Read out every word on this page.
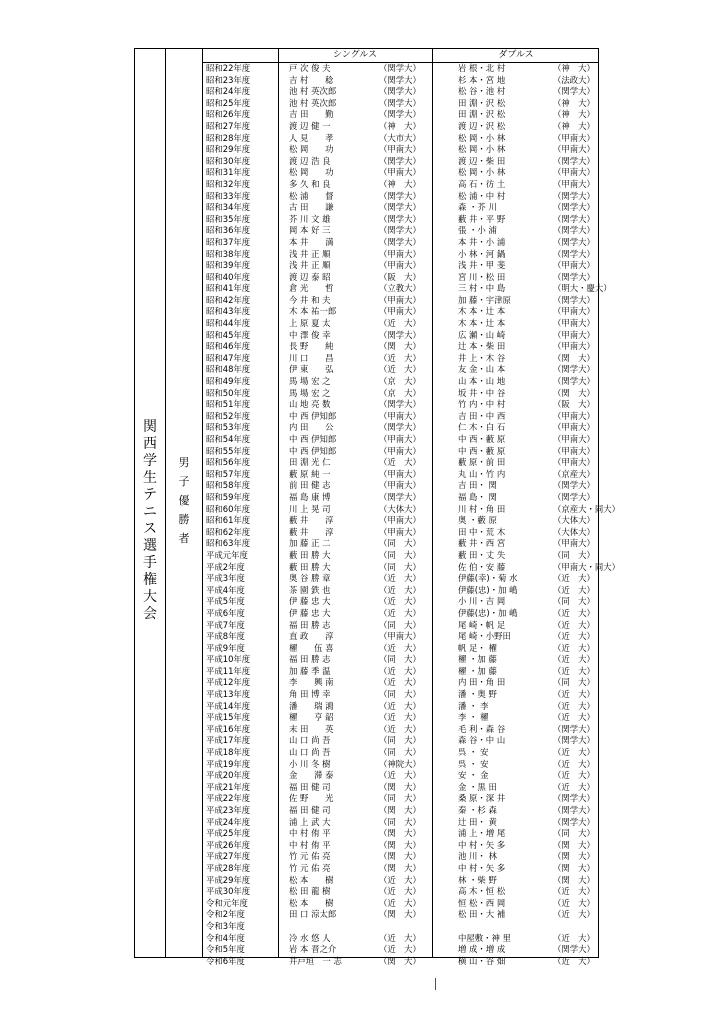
関
西
学
生
テ
ニ
ス
選
手
権
大
会
男
子
優
勝
者
シングルス	ダブルス
昭和22年度	戸 次 俊 夫	（関学大）	岩 根・北 村	（神　大）
昭和23年度	吉 村　　稔	（関学大）	杉 本・宮 地	（法政大）
昭和24年度	池 村 英次郎	（関学大）	松 谷・池 村	（関学大）
昭和25年度	池 村 英次郎	（関学大）	田 淵・沢 松	（神　大）
昭和26年度	吉 田　　勤	（関学大）	田 淵・沢 松	（神　大）
昭和27年度	渡 辺 健 一	（神　大）	渡 辺・沢 松	（神　大）
昭和28年度	人 見　　孝	（大市大）	松 岡・小 林	（甲南大）
昭和29年度	松 岡　　功	（甲南大）	松 岡・小 林	（甲南大）
昭和30年度	渡 辺 浩 良	（関学大）	渡 辺・柴 田	（関学大）
昭和31年度	松 岡　　功	（甲南大）	松 岡・小 林	（甲南大）
昭和32年度	多 久 和 良	（神　大）	高 石・彷 土	（甲南大）
昭和33年度	松 浦　　督	（関学大）	松 浦・中 村	（関学大）
昭和34年度	古 田　　謙	（関学大）	森 ・芥 川	（関学大）
昭和35年度	芥 川 文 雄	（関学大）	藪 井・平 野	（関学大）
昭和36年度	岡 本 好 三	（関学大）	張 ・小 浦	（関学大）
昭和37年度	本 井　　満	（関学大）	本 井・小 浦	（関学大）
昭和38年度	浅 井 正 順	（甲南大）	小 林・河 鍋	（関学大）
昭和39年度	浅 井 正 順	（甲南大）	浅 井・甲 斐	（甲南大）
昭和40年度	渡 辺 泰 昭	（阪　大）	宮 川・松 田	（関学大）
昭和41年度	倉 光　　哲	（立教大）	三 村・中 島	（明大・慶大）
昭和42年度	今 井 和 夫	（甲南大）	加 藤・宇津原	（関学大）
昭和43年度	木 本 祐一郎	（甲南大）	木 本・辻 本	（甲南大）
昭和44年度	上 原 夏 太	（近　大）	木 本・辻 本	（甲南大）
昭和45年度	中 澤 俊 幸	（関学大）	広 瀬・山 崎	（甲南大）
昭和46年度	長 野　　純	（関　大）	辻 本・柴 田	（甲南大）
昭和47年度	川 口　　昌	（近　大）	井 上・木 谷	（関　大）
昭和48年度	伊 東　　弘	（近　大）	友 金・山 本	（関学大）
昭和49年度	馬 場 宏 之	（京　大）	山 本・山 地	（関学大）
昭和50年度	馬 場 宏 之	（京　大）	坂 井・中 谷	（関　大）
昭和51年度	山 地 亮 数	（関学大）	竹 内・中 村	（阪　大）
昭和52年度	中 西 伊知郎	（甲南大）	吉 田・中 西	（甲南大）
昭和53年度	内 田　　公	（関学大）	仁 木・白 石	（甲南大）
昭和54年度	中 西 伊知郎	（甲南大）	中 西・藪 原	（甲南大）
昭和55年度	中 西 伊知郎	（甲南大）	中 西・藪 原	（甲南大）
昭和56年度	田 淵 光 仁	（近　大）	藪 原・前 田	（甲南大）
昭和57年度	藪 原 純 一	（甲南大）	丸 山・竹 内	（京産大）
昭和58年度	前 田 健 志	（甲南大）	吉 田・ 関	（関学大）
昭和59年度	福 島 康 博	（関学大）	福 島・ 関	（関学大）
昭和60年度	川 上 晃 司	（大体大）	川 村・角 田	（京産大・同大）
昭和61年度	藪 井　　淳	（甲南大）	奥 ・藪 原	（大体大）
昭和62年度	藪 井　　淳	（甲南大）	田 中・荒 木	（大体大）
昭和63年度	加 藤 正 二	（同　大）	藪 井・西 宮	（甲南大）
平成元年度	藪 田 勝 大	（同　大）	藪 田・丈 失	（同　大）
平成2年度	藪 田 勝 大	（同　大）	佐 伯・安 藤	（甲南大・同大）
平成3年度	奥 谷 勝 章	（近　大）	伊藤(幸)・菊 水	（近　大）
平成4年度	茶 園 鉄 也	（近　大）	伊藤(忠)・加 嶋	（近　大）
平成5年度	伊 藤 忠 大	（近　大）	小 川・吉 岡	（同　大）
平成6年度	伊 藤 忠 大	（近　大）	伊藤(忠)・加 嶋	（近　大）
平成7年度	福 田 勝 志	（同　大）	尾 崎・帆 足	（近　大）
平成8年度	直 政　　淳	（甲南大）	尾 崎・小野田	（近　大）
平成9年度	櫂　　伍 喜	（近　大）	帆 足・ 櫂	（近　大）
平成10年度	福 田 勝 志	（同　大）	櫂 ・加 藤	（近　大）
平成11年度	加 藤 季 温	（近　大）	櫂 ・加 藤	（近　大）
平成12年度	李　　興 南	（近　大）	内 田・角 田	（同　大）
平成13年度	角 田 博 幸	（同　大）	潘 ・奥 野	（近　大）
平成14年度	潘　　瑞 鴻	（近　大）	潘 ・ 李	（近　大）
平成15年度	櫂　　亨 韶	（近　大）	李 ・ 櫂	（近　大）
平成16年度	末 田　　英	（近　大）	毛 利・森 谷	（関学大）
平成17年度	山 口 尚 吾	（同　大）	森 谷・中 山	（関学大）
平成18年度	山 口 尚 吾	（同　大）	呉 ・ 安	（近　大）
平成19年度	小 川 冬 樹	（神院大）	呉 ・ 安	（近　大）
平成20年度	金　　滞 泰	（近　大）	安 ・ 金	（近　大）
平成21年度	福 田 健 司	（関　大）	金 ・黒 田	（近　大）
平成22年度	佐 野　　光	（同　大）	桑 原・深 井	（関学大）
平成23年度	福 田 健 司	（関　大）	秦 ・杉 森	（関学大）
平成24年度	浦 上 武 大	（同　大）	辻 田・ 黄	（関学大）
平成25年度	中 村 侑 平	（関　大）	浦 上・増 尾	（同　大）
平成26年度	中 村 侑 平	（関　大）	中 村・矢 多	（関　大）
平成27年度	竹 元 佑 亮	（関　大）	池 川・ 林	（関　大）
平成28年度	竹 元 佑 亮	（関　大）	中 村・矢 多	（関　大）
平成29年度	松 本　　樹	（近　大）	林 ・柴 野	（関　大）
平成30年度	松 田 龍 樹	（近　大）	高 木・恒 松	（近　大）
令和元年度	松 本　　樹	（近　大）	恒 松・西 岡	（近　大）
令和2年度	田 口 涼太郎	（関　大）	松 田・大 補	（近　大）
令和3年度
令和4年度	冷 水 悠 人	（近　大）	中屋敷・神 里	（近　大）
令和5年度	岩 本 晋之介	（近　大）	増 成・増 成	（関学大）
令和6年度	井戸垣　一 志	（関　大）	横 山・谷 畑	（近　大）
